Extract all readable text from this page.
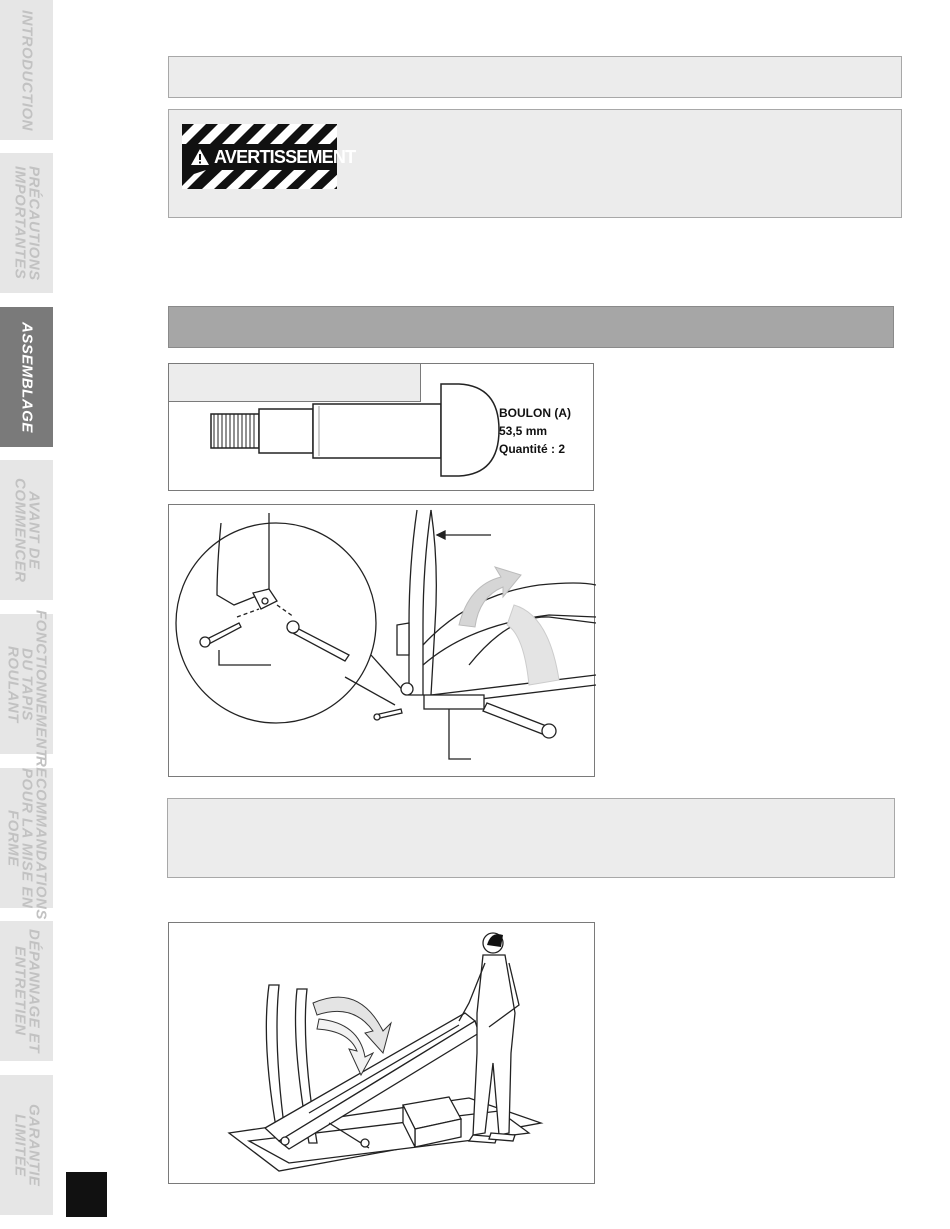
INTRODUCTION
PRÉCAUTIONS
IMPORTANTES
ASSEMBLAGE
AVANT DE
COMMENCER
FONCTIONNEMENT
DU TAPIS ROULANT
RECOMMANDATIONS
POUR LA MISE EN
FORME
DÉPANNAGE ET
ENTRETIEN
GARANTIE
LIMITÉE
AVERTISSEMENT
BOULON (A)
53,5 mm
Quantité : 2
